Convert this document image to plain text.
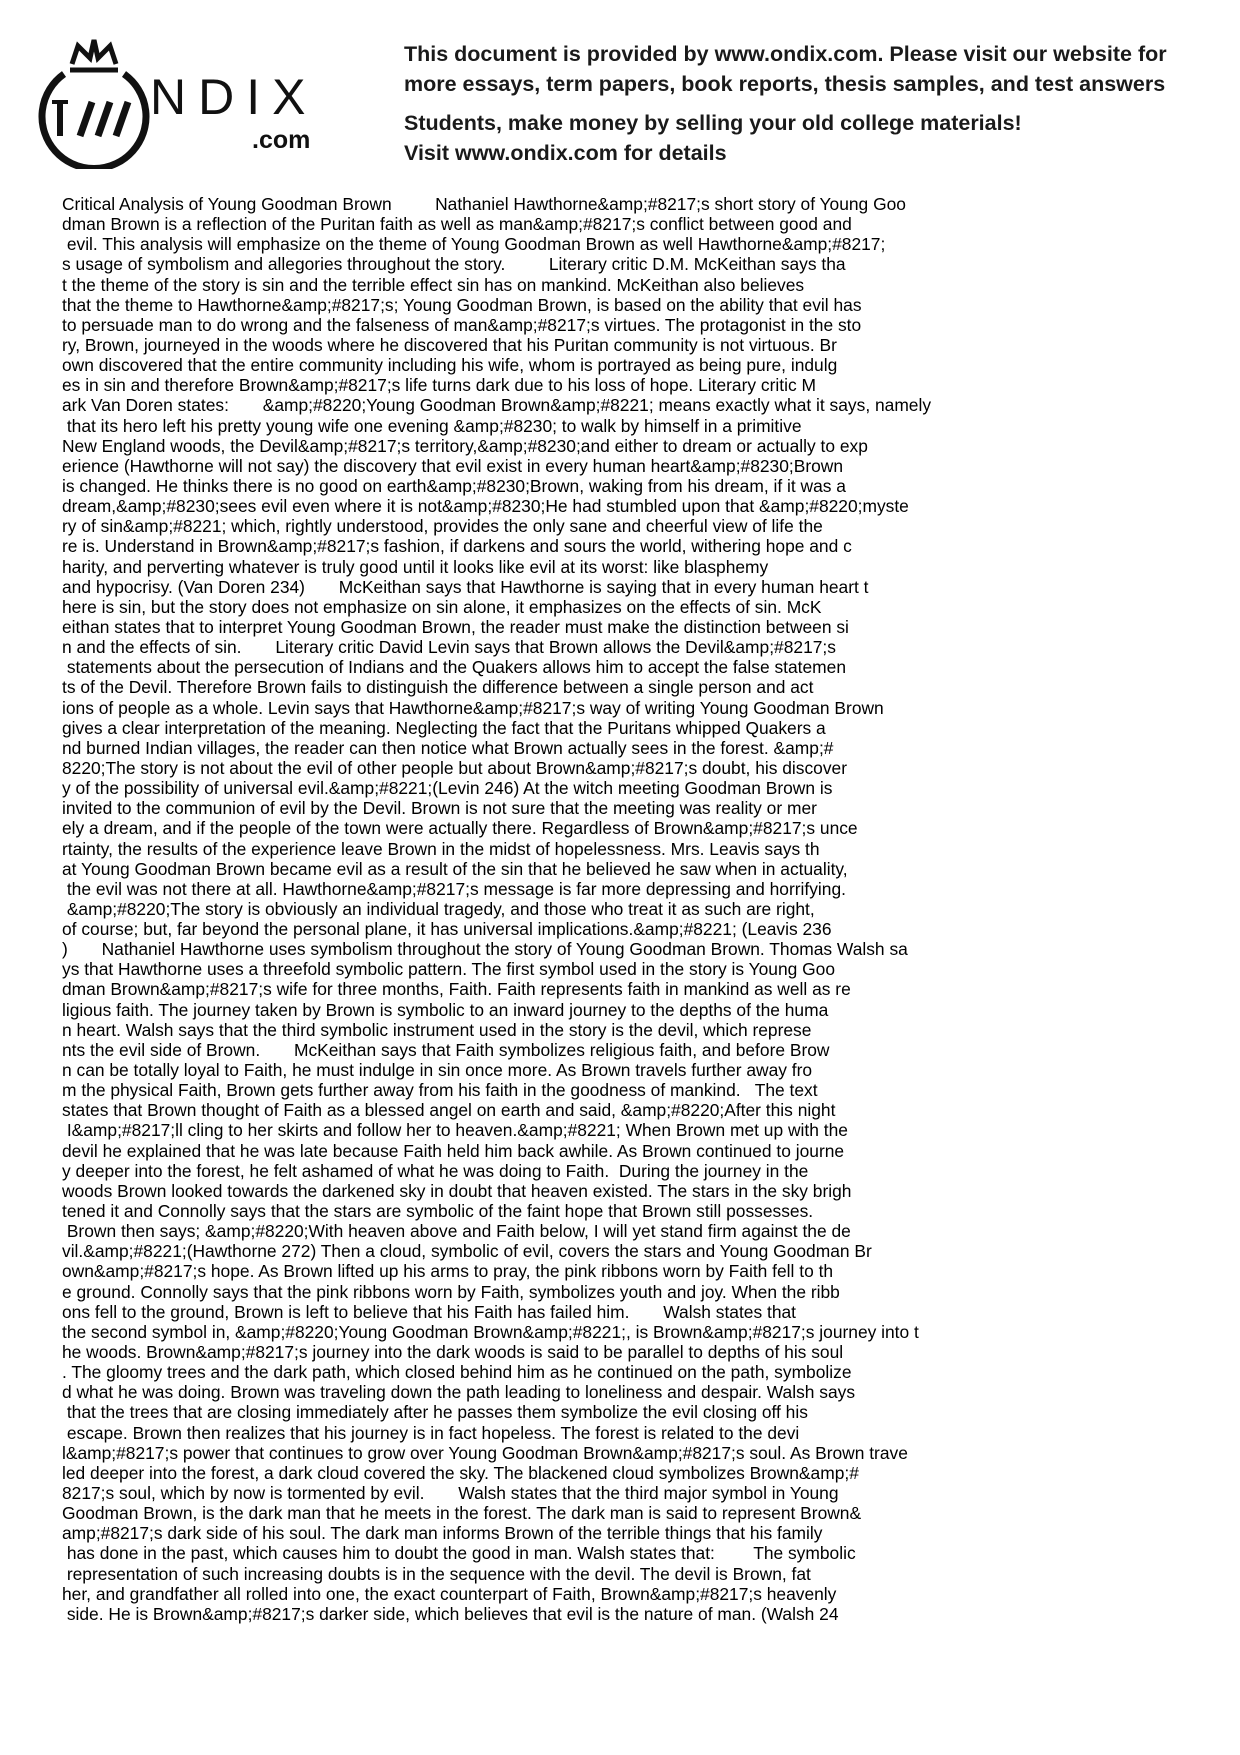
NDIX
.com
This document is provided by www.ondix.com. Please visit our website for
more essays, term papers, book reports, thesis samples, and test answers
Students, make money by selling your old college materials!
Visit www.ondix.com for details
Critical Analysis of Young Goodman Brown         Nathaniel Hawthorne&amp;#8217;s short story of Young Goo
dman Brown is a reflection of the Puritan faith as well as man&amp;#8217;s conflict between good and
evil. This analysis will emphasize on the theme of Young Goodman Brown as well Hawthorne&amp;#8217;
s usage of symbolism and allegories throughout the story.         Literary critic D.M. McKeithan says tha
t the theme of the story is sin and the terrible effect sin has on mankind. McKeithan also believes
that the theme to Hawthorne&amp;#8217;s; Young Goodman Brown, is based on the ability that evil has
to persuade man to do wrong and the falseness of man&amp;#8217;s virtues. The protagonist in the sto
ry, Brown, journeyed in the woods where he discovered that his Puritan community is not virtuous. Br
own discovered that the entire community including his wife, whom is portrayed as being pure, indulg
es in sin and therefore Brown&amp;#8217;s life turns dark due to his loss of hope. Literary critic M
ark Van Doren states:       &amp;#8220;Young Goodman Brown&amp;#8221; means exactly what it says, namely
that its hero left his pretty young wife one evening &amp;#8230; to walk by himself in a primitive
New England woods, the Devil&amp;#8217;s territory,&amp;#8230;and either to dream or actually to exp
erience (Hawthorne will not say) the discovery that evil exist in every human heart&amp;#8230;Brown
is changed. He thinks there is no good on earth&amp;#8230;Brown, waking from his dream, if it was a
dream,&amp;#8230;sees evil even where it is not&amp;#8230;He had stumbled upon that &amp;#8220;myste
ry of sin&amp;#8221; which, rightly understood, provides the only sane and cheerful view of life the
re is. Understand in Brown&amp;#8217;s fashion, if darkens and sours the world, withering hope and c
harity, and perverting whatever is truly good until it looks like evil at its worst: like blasphemy
and hypocrisy. (Van Doren 234)       McKeithan says that Hawthorne is saying that in every human heart t
here is sin, but the story does not emphasize on sin alone, it emphasizes on the effects of sin. McK
eithan states that to interpret Young Goodman Brown, the reader must make the distinction between si
n and the effects of sin.       Literary critic David Levin says that Brown allows the Devil&amp;#8217;s
statements about the persecution of Indians and the Quakers allows him to accept the false statemen
ts of the Devil. Therefore Brown fails to distinguish the difference between a single person and act
ions of people as a whole. Levin says that Hawthorne&amp;#8217;s way of writing Young Goodman Brown
gives a clear interpretation of the meaning. Neglecting the fact that the Puritans whipped Quakers a
nd burned Indian villages, the reader can then notice what Brown actually sees in the forest. &amp;#
8220;The story is not about the evil of other people but about Brown&amp;#8217;s doubt, his discover
y of the possibility of universal evil.&amp;#8221;(Levin 246) At the witch meeting Goodman Brown is
invited to the communion of evil by the Devil. Brown is not sure that the meeting was reality or mer
ely a dream, and if the people of the town were actually there. Regardless of Brown&amp;#8217;s unce
rtainty, the results of the experience leave Brown in the midst of hopelessness. Mrs. Leavis says th
at Young Goodman Brown became evil as a result of the sin that he believed he saw when in actuality,
the evil was not there at all. Hawthorne&amp;#8217;s message is far more depressing and horrifying.
&amp;#8220;The story is obviously an individual tragedy, and those who treat it as such are right,
of course; but, far beyond the personal plane, it has universal implications.&amp;#8221; (Leavis 236
)       Nathaniel Hawthorne uses symbolism throughout the story of Young Goodman Brown. Thomas Walsh sa
ys that Hawthorne uses a threefold symbolic pattern. The first symbol used in the story is Young Goo
dman Brown&amp;#8217;s wife for three months, Faith. Faith represents faith in mankind as well as re
ligious faith. The journey taken by Brown is symbolic to an inward journey to the depths of the huma
n heart. Walsh says that the third symbolic instrument used in the story is the devil, which represe
nts the evil side of Brown.       McKeithan says that Faith symbolizes religious faith, and before Brow
n can be totally loyal to Faith, he must indulge in sin once more. As Brown travels further away fro
m the physical Faith, Brown gets further away from his faith in the goodness of mankind.   The text
states that Brown thought of Faith as a blessed angel on earth and said, &amp;#8220;After this night
I&amp;#8217;ll cling to her skirts and follow her to heaven.&amp;#8221; When Brown met up with the
devil he explained that he was late because Faith held him back awhile. As Brown continued to journe
y deeper into the forest, he felt ashamed of what he was doing to Faith.  During the journey in the
woods Brown looked towards the darkened sky in doubt that heaven existed. The stars in the sky brigh
tened it and Connolly says that the stars are symbolic of the faint hope that Brown still possesses.
Brown then says; &amp;#8220;With heaven above and Faith below, I will yet stand firm against the de
vil.&amp;#8221;(Hawthorne 272) Then a cloud, symbolic of evil, covers the stars and Young Goodman Br
own&amp;#8217;s hope. As Brown lifted up his arms to pray, the pink ribbons worn by Faith fell to th
e ground. Connolly says that the pink ribbons worn by Faith, symbolizes youth and joy. When the ribb
ons fell to the ground, Brown is left to believe that his Faith has failed him.       Walsh states that
the second symbol in, &amp;#8220;Young Goodman Brown&amp;#8221;, is Brown&amp;#8217;s journey into t
he woods. Brown&amp;#8217;s journey into the dark woods is said to be parallel to depths of his soul
. The gloomy trees and the dark path, which closed behind him as he continued on the path, symbolize
d what he was doing. Brown was traveling down the path leading to loneliness and despair. Walsh says
that the trees that are closing immediately after he passes them symbolize the evil closing off his
escape. Brown then realizes that his journey is in fact hopeless. The forest is related to the devi
l&amp;#8217;s power that continues to grow over Young Goodman Brown&amp;#8217;s soul. As Brown trave
led deeper into the forest, a dark cloud covered the sky. The blackened cloud symbolizes Brown&amp;#
8217;s soul, which by now is tormented by evil.       Walsh states that the third major symbol in Young
Goodman Brown, is the dark man that he meets in the forest. The dark man is said to represent Brown&
amp;#8217;s dark side of his soul. The dark man informs Brown of the terrible things that his family
has done in the past, which causes him to doubt the good in man. Walsh states that:        The symbolic
representation of such increasing doubts is in the sequence with the devil. The devil is Brown, fat
her, and grandfather all rolled into one, the exact counterpart of Faith, Brown&amp;#8217;s heavenly
side. He is Brown&amp;#8217;s darker side, which believes that evil is the nature of man. (Walsh 24
